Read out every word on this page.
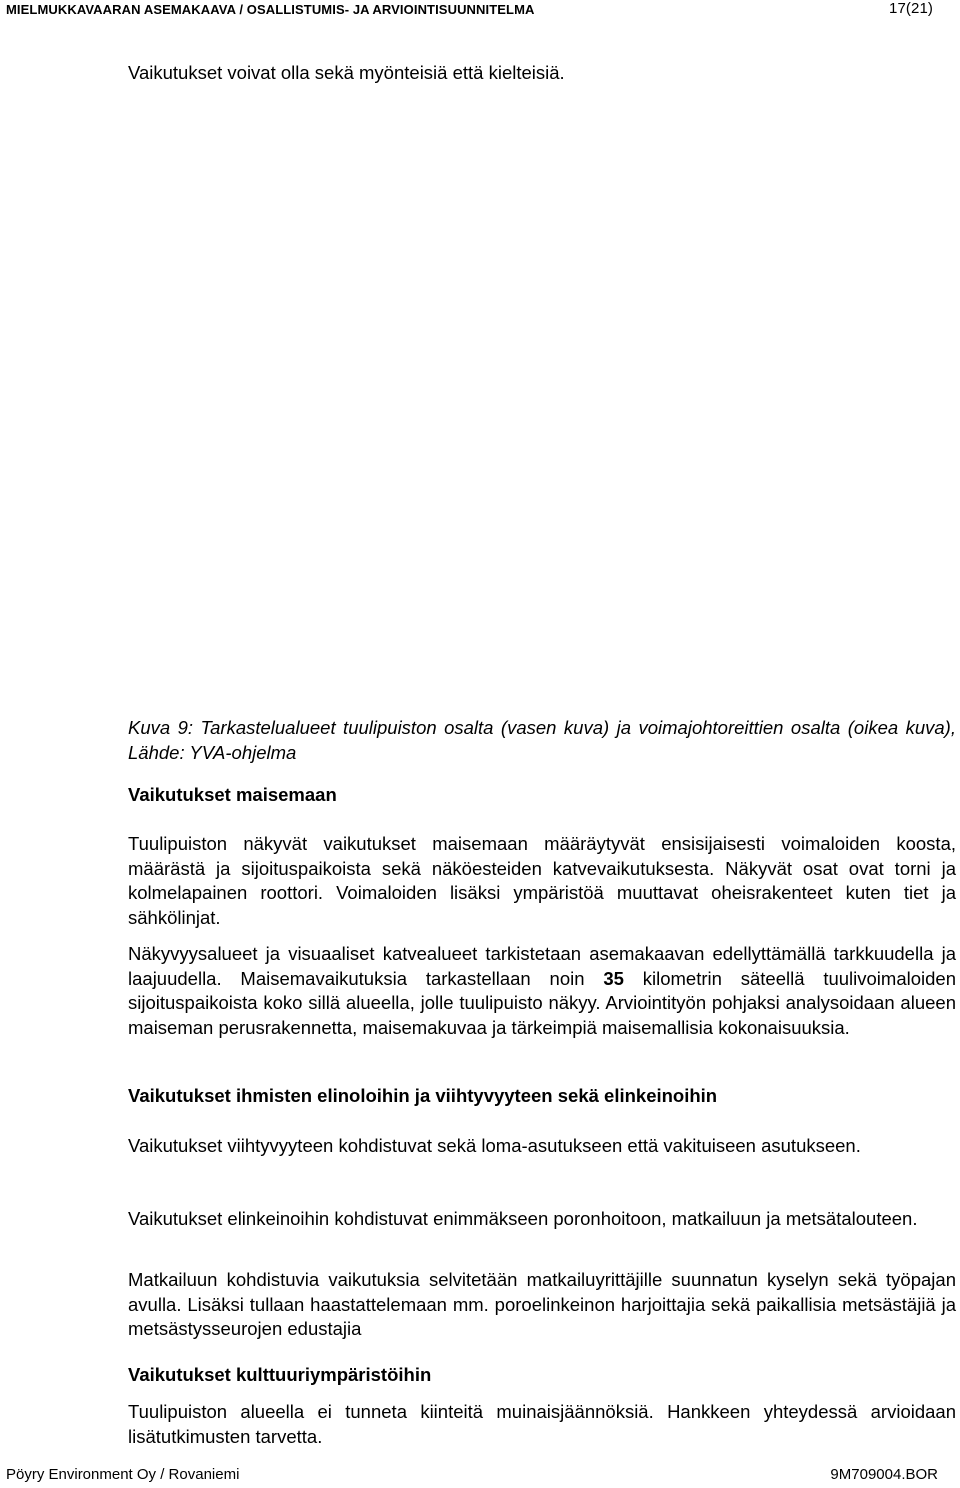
MIELMUKKAVAARAN ASEMAKAAVA / OSALLISTUMIS- JA ARVIOINTISUUNNITELMA	17(21)

Vaikutukset voivat olla sekä myönteisiä että kielteisiä.

Kuva 9: Tarkastelualueet tuulipuiston osalta (vasen kuva) ja voimajohtoreittien osalta (oikea kuva), Lähde: YVA-ohjelma

Vaikutukset maisemaan

Tuulipuiston näkyvät vaikutukset maisemaan määräytyvät ensisijaisesti voimaloiden koosta, määrästä ja sijoituspaikoista sekä näköesteiden katvevaikutuksesta. Näkyvät osat ovat torni ja kolmelapainen roottori. Voimaloiden lisäksi ympäristöä muuttavat oheisrakenteet kuten tiet ja sähkölinjat.

Näkyvyysalueet ja visuaaliset katvealueet tarkistetaan asemakaavan edellyttämällä tarkkuudella ja laajuudella. Maisemavaikutuksia tarkastellaan noin 35 kilometrin säteellä tuulivoimaloiden sijoituspaikoista koko sillä alueella, jolle tuulipuisto näkyy. Arviointityön pohjaksi analysoidaan alueen maiseman perusrakennetta, maisemakuvaa ja tärkeimpiä maisemallisia kokonaisuuksia.

Vaikutukset ihmisten elinoloihin ja viihtyvyyteen sekä elinkeinoihin

Vaikutukset viihtyvyyteen kohdistuvat sekä loma-asutukseen että vakituiseen asutukseen.

Vaikutukset elinkeinoihin kohdistuvat enimmäkseen poronhoitoon, matkailuun ja metsätalouteen.

Matkailuun kohdistuvia vaikutuksia selvitetään matkailuyrittäjille suunnatun kyselyn sekä työpajan avulla. Lisäksi tullaan haastattelemaan mm. poroelinkeinon harjoittajia sekä paikallisia metsästäjiä ja metsästysseurojen edustajia

Vaikutukset kulttuuriympäristöihin

Tuulipuiston alueella ei tunneta kiinteitä muinaisjäännöksiä. Hankkeen yhteydessä arvioidaan lisätutkimusten tarvetta.

Pöyry Environment Oy / Rovaniemi	9M709004.BOR
